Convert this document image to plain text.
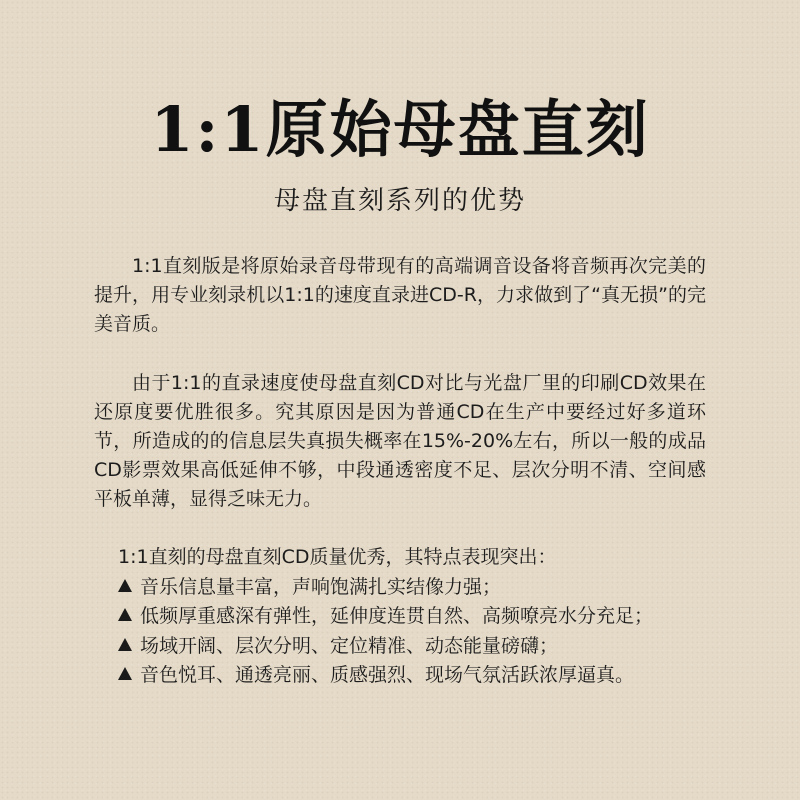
1:1原始母盘直刻
母盘直刻系列的优势

1:1直刻版是将原始录音母带现有的高端调音设备将音频再次完美的提升，用专业刻录机以1:1的速度直录进CD-R，力求做到了“真无损”的完美音质。

由于1:1的直录速度使母盘直刻CD对比与光盘厂里的印刷CD效果在还原度要优胜很多。究其原因是因为普通CD在生产中要经过好多道环节，所造成的的信息层失真损失概率在15%-20%左右，所以一般的成品CD影票效果高低延伸不够，中段通透密度不足、层次分明不清、空间感平板单薄，显得乏味无力。

1:1直刻的母盘直刻CD质量优秀，其特点表现突出：

音乐信息量丰富，声响饱满扎实结像力强；
低频厚重感深有弹性，延伸度连贯自然、高频嘹亮水分充足；
场域开阔、层次分明、定位精准、动态能量磅礴；
音色悦耳、通透亮丽、质感强烈、现场气氛活跃浓厚逼真。
